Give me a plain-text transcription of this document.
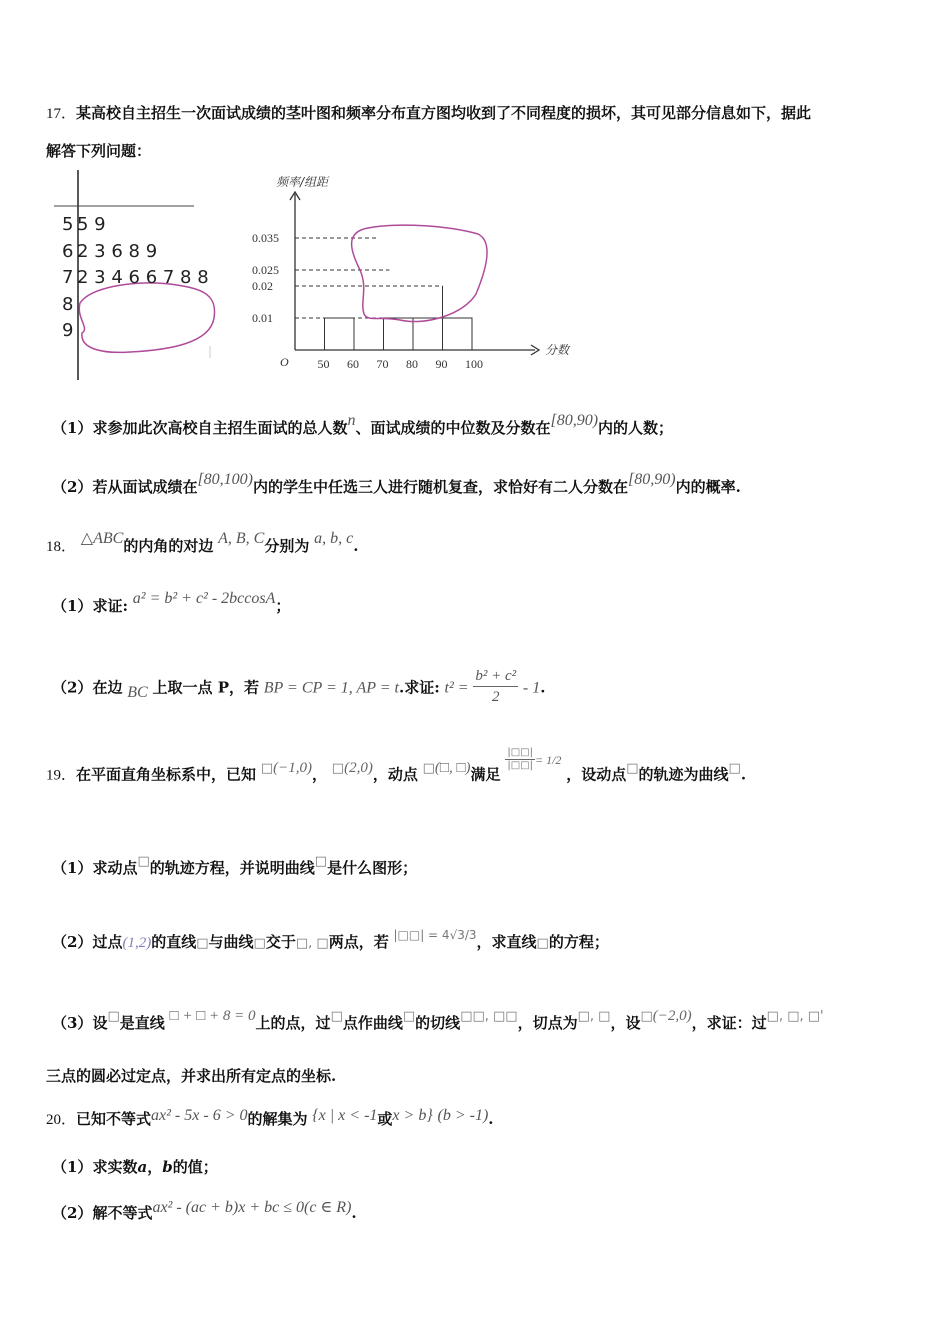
17．某高校自主招生一次面试成绩的茎叶图和频率分布直方图均收到了不同程度的损坏，其可见部分信息如下，据此
解答下列问题：
5 5 9
6 2 3 6 8 9
7 2 3 4 6 6 7 8 8
8
9
频率/组距
分数
O 50 60 70 80 90 100
0.01
0.02
0.025
0.035
（1）求参加此次高校自主招生面试的总人数n、面试成绩的中位数及分数在[80,90)内的人数；
（2）若从面试成绩在[80,100)内的学生中任选三人进行随机复查，求恰好有二人分数在[80,90)内的概率.
18． △ABC的内角的对边 A, B, C分别为 a, b, c.
（1）求证: a² = b² + c² - 2bccosA；
（2）在边 BC 上取一点 P，若 BP = CP = 1, AP = t.求证: $t^2 = \frac{\text{b² + c²}}{2} - 1$.
19．在平面直角坐标系中，已知 □(−1,0)， □(2,0)，动点 □(□, □)满足
$\frac{|□□|}{|□□|} ^{= 1/2}$ ，设动点□的轨迹为曲线□.
（1）求动点□的轨迹方程，并说明曲线□是什么图形；
（2）过点(1,2)的直线□与曲线□交于□, □两点，若 $^{|□□| = 4√3/3}$，求直线□的方程；
（3）设□是直线 □ + □ + 8 = 0上的点，过□点作曲线□的切线□□, □□，切点为□, □，设□(−2,0)，求证：过□, □, □'
三点的圆必过定点，并求出所有定点的坐标.
20．已知不等式ax² - 5x - 6 > 0的解集为 {x | x < -1或x > b} (b > -1).
（1）求实数a，b的值；
（2）解不等式ax² - (ac + b)x + bc ≤ 0(c ∈ R).
